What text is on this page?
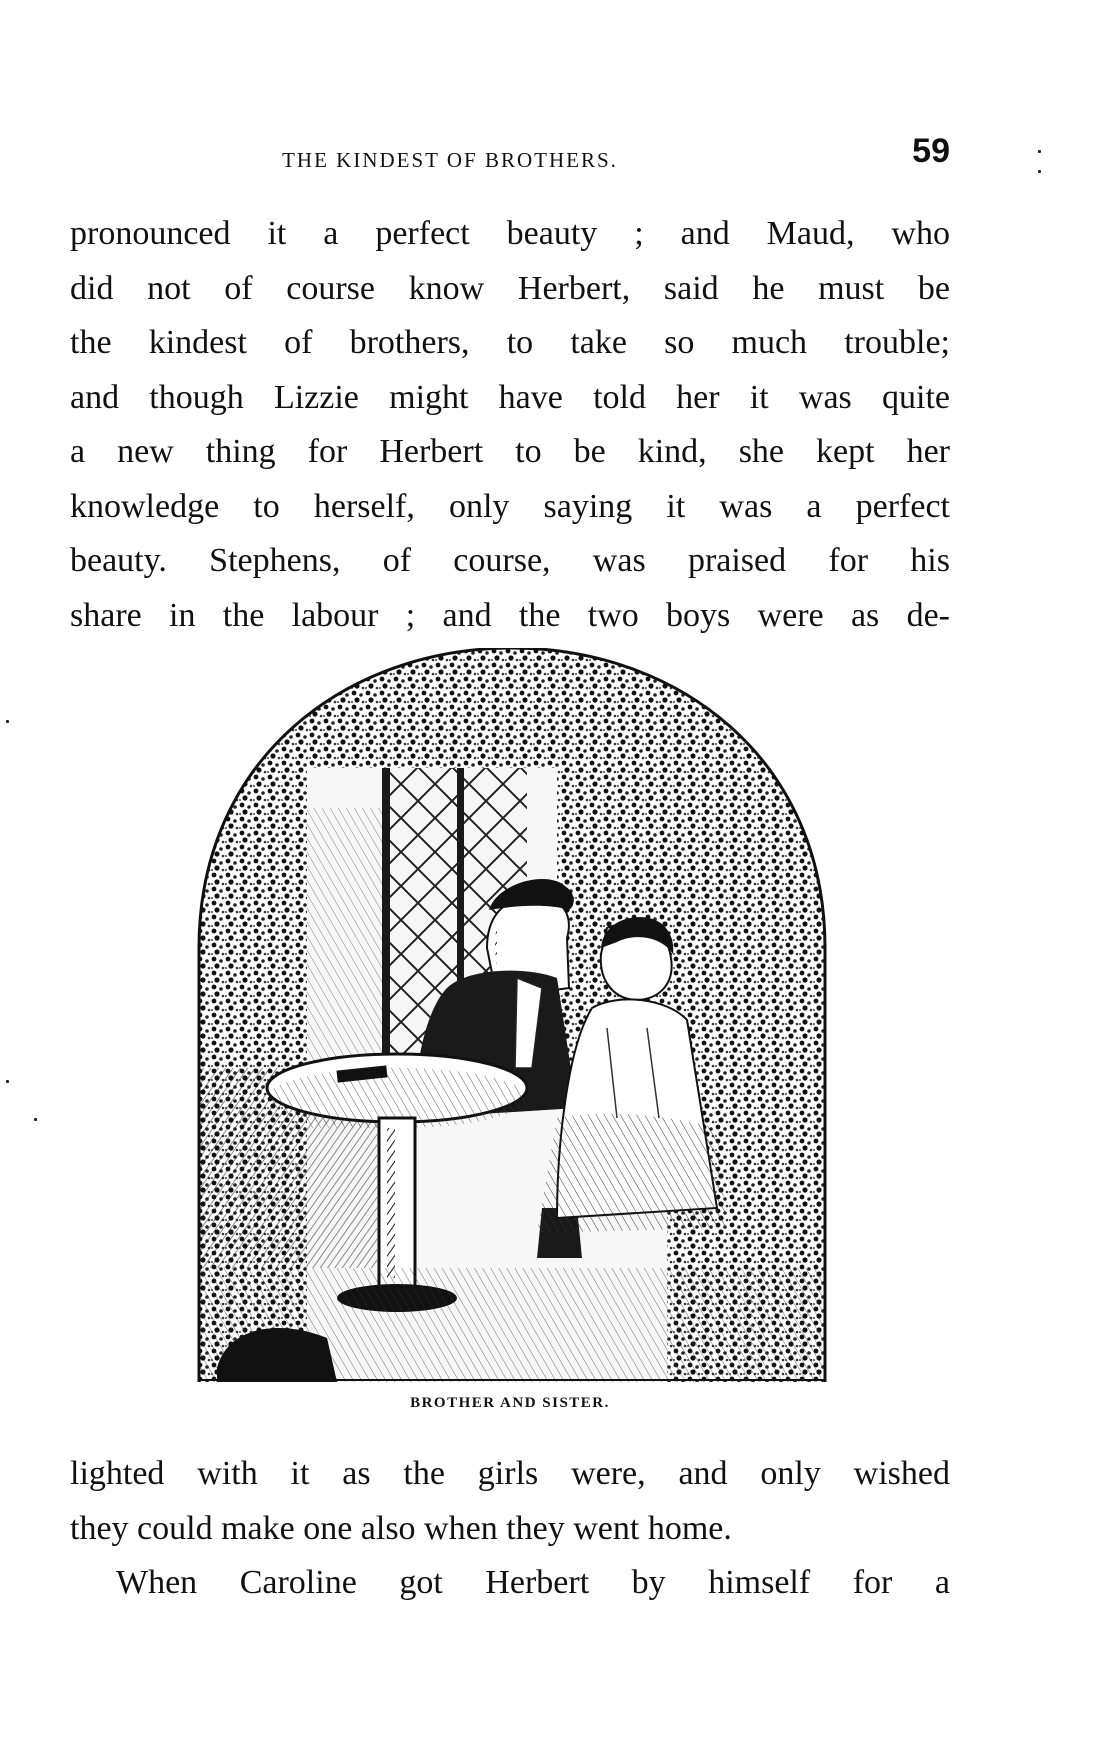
THE KINDEST OF BROTHERS.	59

pronounced it a perfect beauty ; and Maud, who
did not of course know Herbert, said he must be
the kindest of brothers, to take so much trouble;
and though Lizzie might have told her it was quite
a new thing for Herbert to be kind, she kept her
knowledge to herself, only saying it was a perfect
beauty. Stephens, of course, was praised for his
share in the labour ; and the two boys were as de-

BROTHER AND SISTER.

lighted with it as the girls were, and only wished
they could make one also when they went home.
When Caroline got Herbert by himself for a
